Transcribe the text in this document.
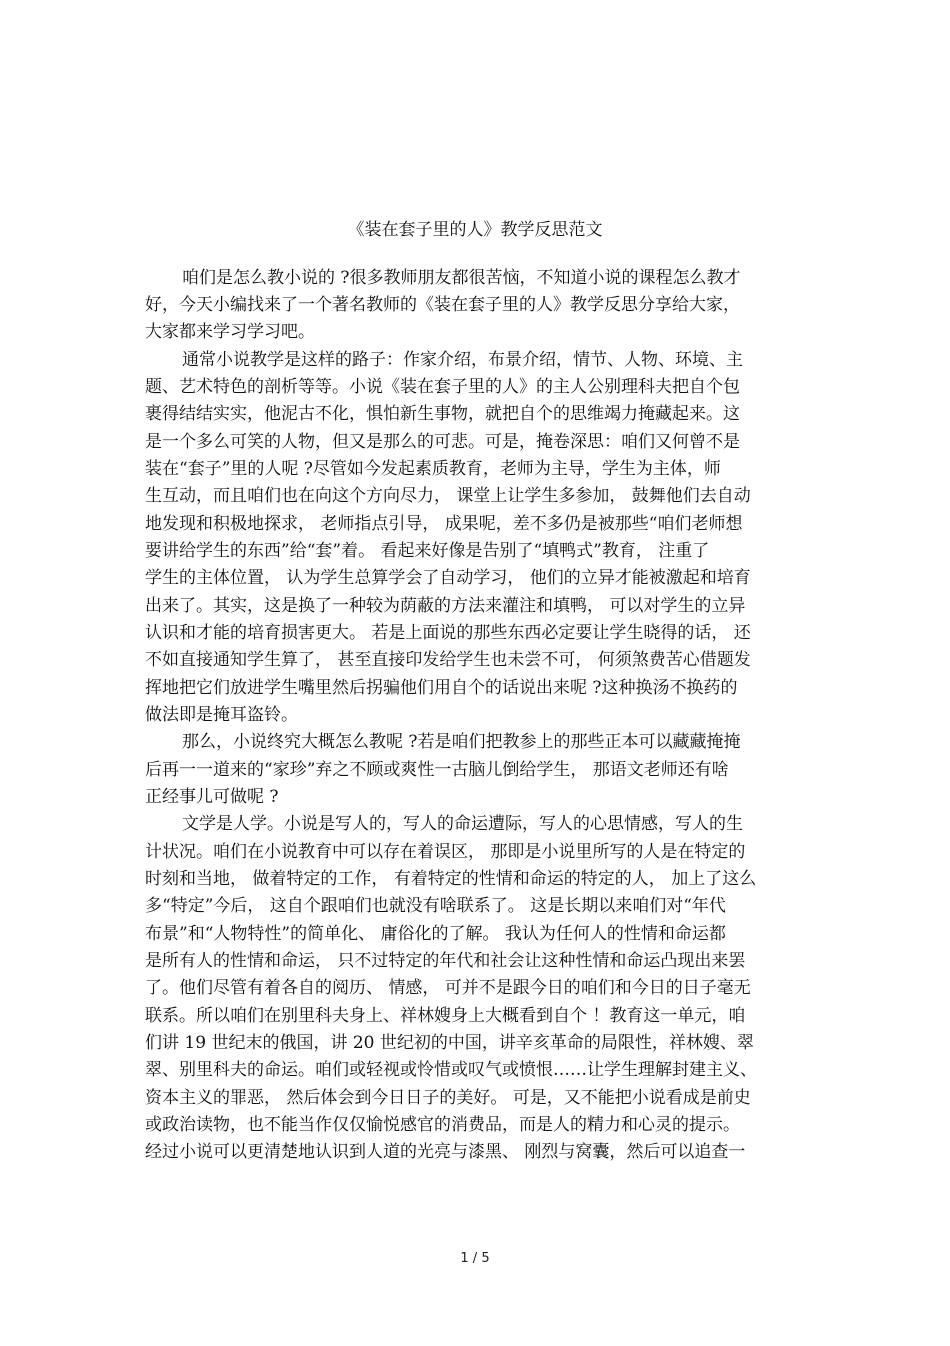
《装在套子里的人》教学反思范文

咱们是怎么教小说的 ?很多教师朋友都很苦恼，不知道小说的课程怎么教才

好，今天小编找来了一个著名教师的《装在套子里的人》教学反思分享给大家，

大家都来学习学习吧。

通常小说教学是这样的路子：作家介绍，布景介绍，情节、人物、环境、主

题、艺术特色的剖析等等。小说《装在套子里的人》的主人公别理科夫把自个包

裹得结结实实，他泥古不化，惧怕新生事物，就把自个的思维竭力掩藏起来。这

是一个多么可笑的人物，但又是那么的可悲。可是，掩卷深思：咱们又何曾不是

装在“套子”里的人呢 ?尽管如今发起素质教育，老师为主导，学生为主体，师

生互动，而且咱们也在向这个方向尽力， 课堂上让学生多参加， 鼓舞他们去自动

地发现和积极地探求， 老师指点引导， 成果呢，差不多仍是被那些“咱们老师想

要讲给学生的东西”给“套”着。 看起来好像是告别了“填鸭式”教育， 注重了

学生的主体位置， 认为学生总算学会了自动学习， 他们的立异才能被激起和培育

出来了。其实，这是换了一种较为荫蔽的方法来灌注和填鸭， 可以对学生的立异

认识和才能的培育损害更大。 若是上面说的那些东西必定要让学生晓得的话， 还

不如直接通知学生算了， 甚至直接印发给学生也未尝不可， 何须煞费苦心借题发

挥地把它们放进学生嘴里然后拐骗他们用自个的话说出来呢 ?这种换汤不换药的

做法即是掩耳盗铃。

那么，小说终究大概怎么教呢 ?若是咱们把教参上的那些正本可以藏藏掩掩

后再一一道来的“家珍”弃之不顾或爽性一古脑儿倒给学生， 那语文老师还有啥

正经事儿可做呢 ?

文学是人学。小说是写人的，写人的命运遭际，写人的心思情感，写人的生

计状况。咱们在小说教育中可以存在着误区， 那即是小说里所写的人是在特定的

时刻和当地， 做着特定的工作， 有着特定的性情和命运的特定的人， 加上了这么

多“特定”今后， 这自个跟咱们也就没有啥联系了。 这是长期以来咱们对“年代

布景”和“人物特性”的简单化、 庸俗化的了解。 我认为任何人的性情和命运都

是所有人的性情和命运， 只不过特定的年代和社会让这种性情和命运凸现出来罢

了。他们尽管有着各自的阅历、 情感， 可并不是跟今日的咱们和今日的日子毫无

联系。所以咱们在别里科夫身上、祥林嫂身上大概看到自个 ！教育这一单元，咱

们讲 19 世纪末的俄国，讲 20 世纪初的中国，讲辛亥革命的局限性，祥林嫂、翠

翠、别里科夫的命运。咱们或轻视或怜惜或叹气或愤恨……让学生理解封建主义、

资本主义的罪恶， 然后体会到今日日子的美好。 可是，又不能把小说看成是前史

或政治读物，也不能当作仅仅愉悦感官的消费品，而是人的精力和心灵的提示。

经过小说可以更清楚地认识到人道的光亮与漆黑、 刚烈与窝囊，然后可以追查一

1 / 5
